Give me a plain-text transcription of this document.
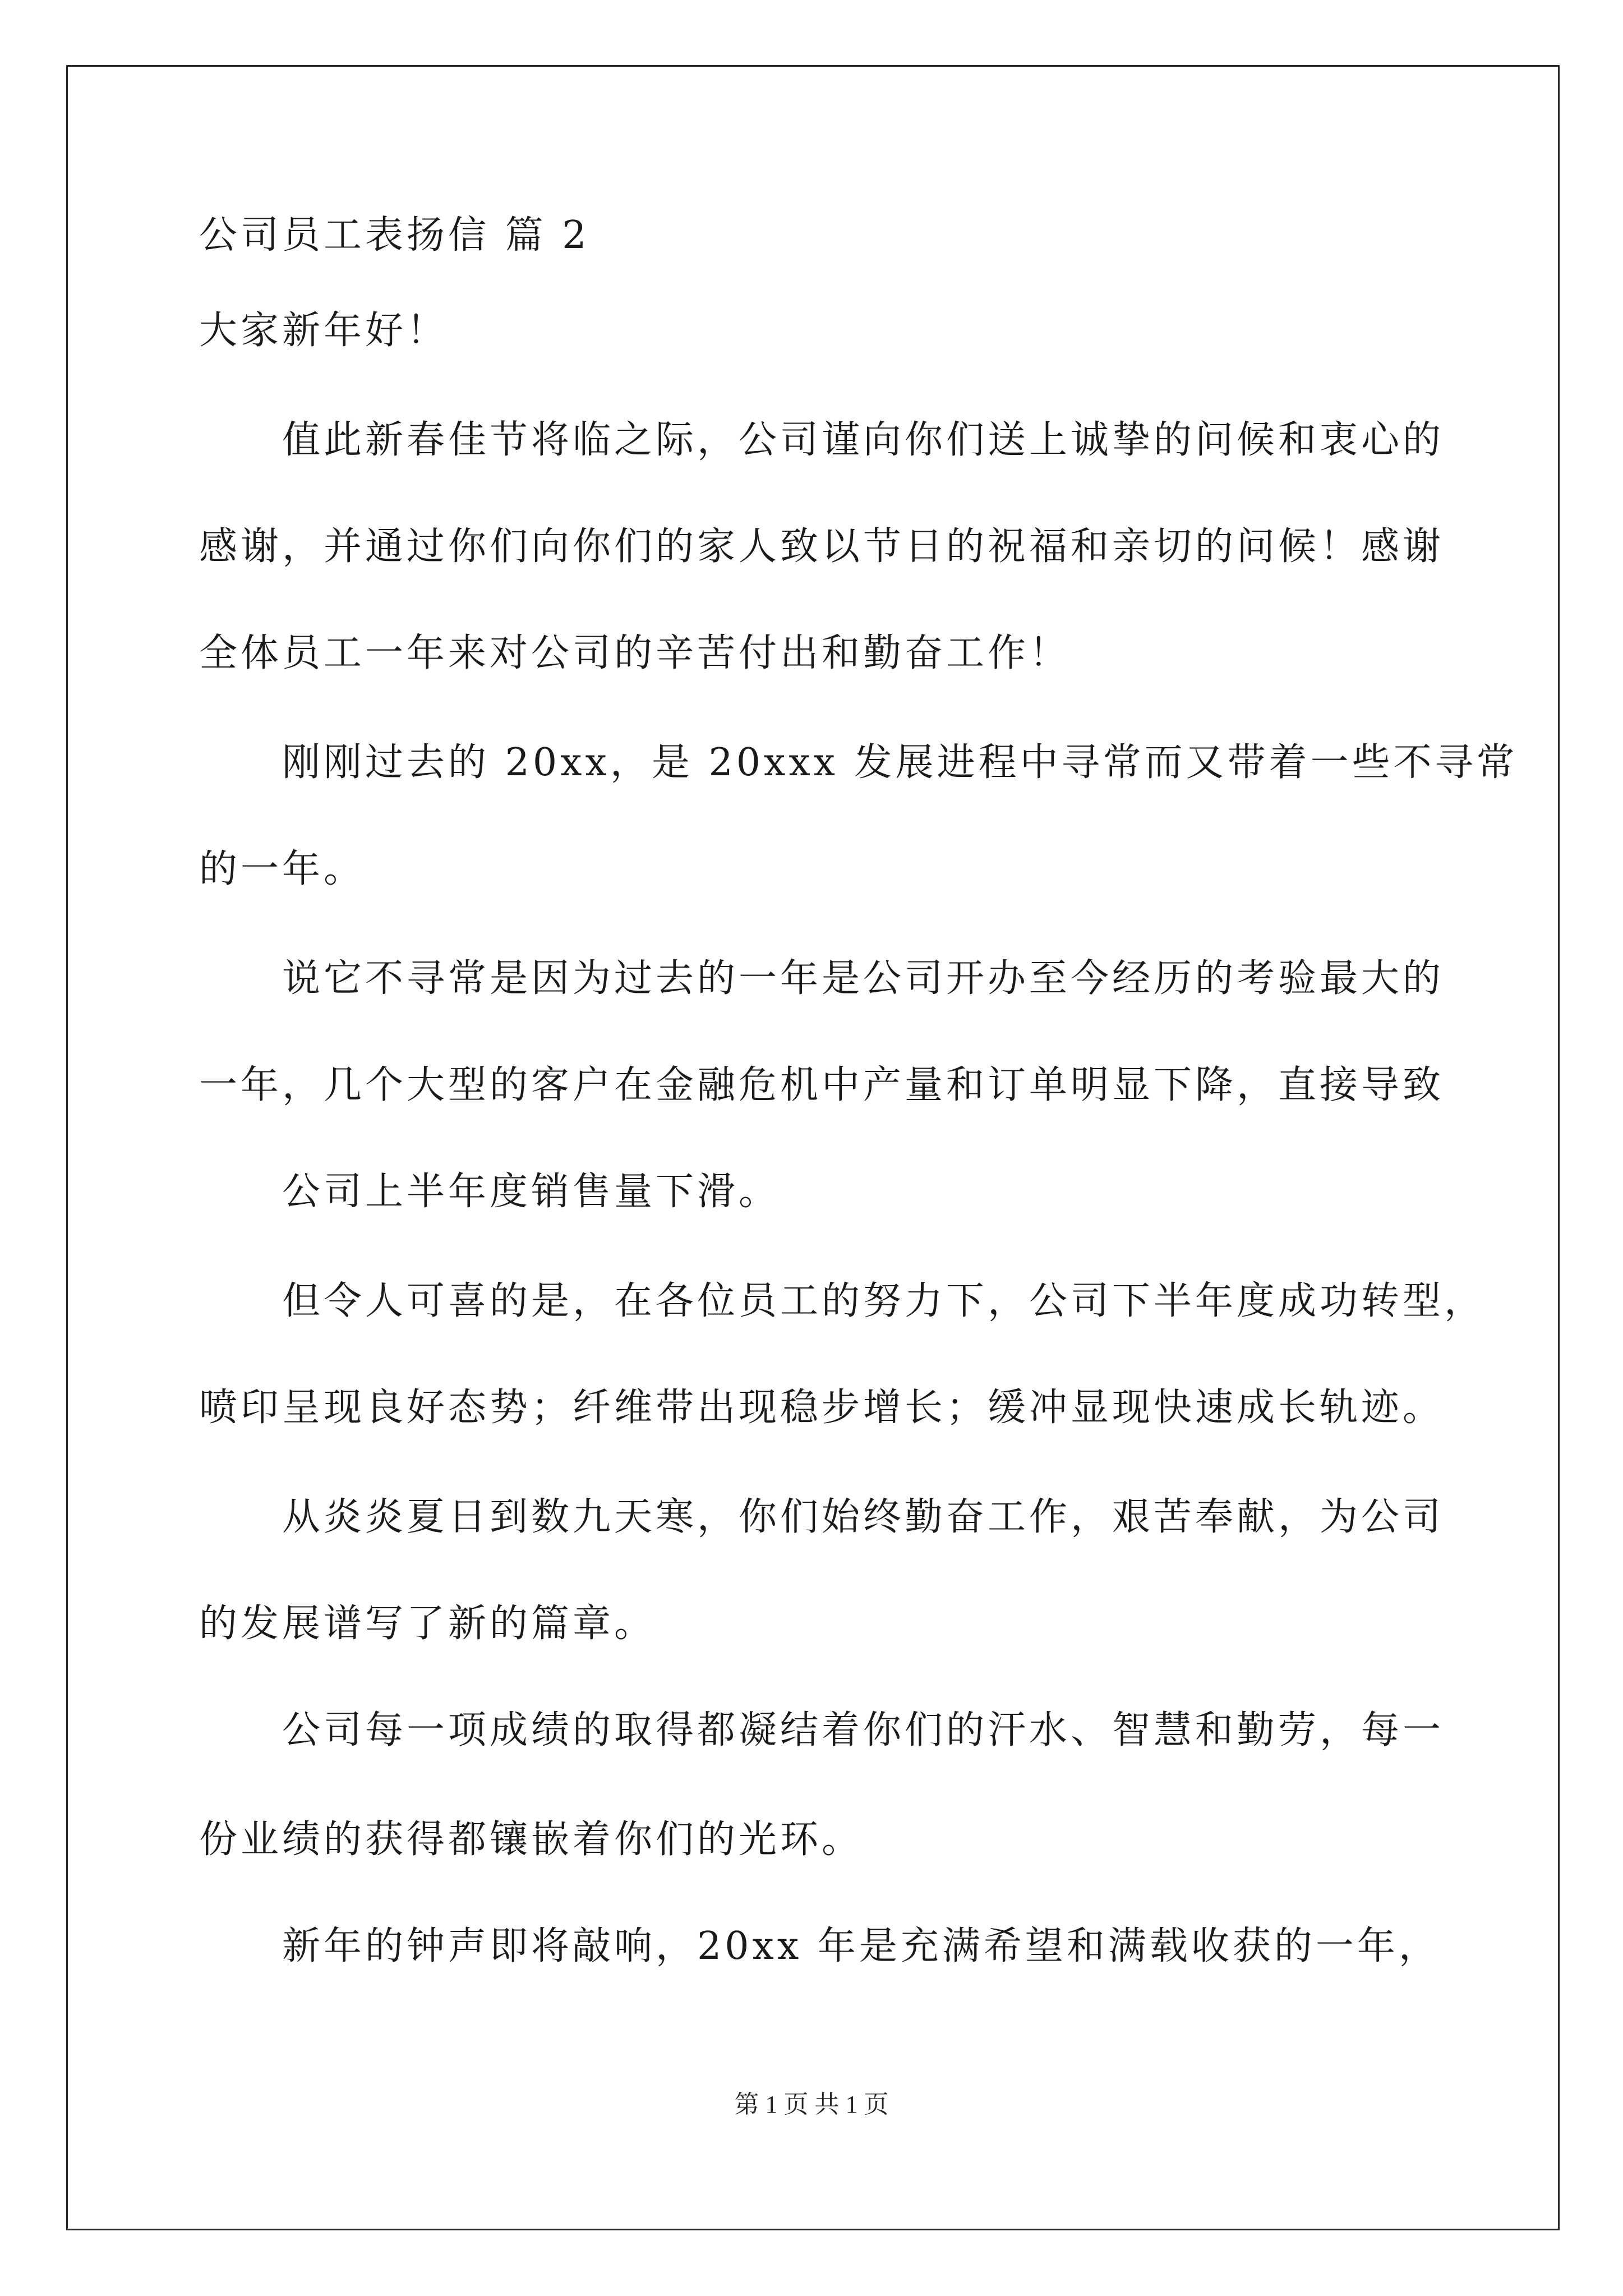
公司员工表扬信 篇 2
大家新年好！
值此新春佳节将临之际，公司谨向你们送上诚挚的问候和衷心的
感谢，并通过你们向你们的家人致以节日的祝福和亲切的问候！感谢
全体员工一年来对公司的辛苦付出和勤奋工作！
刚刚过去的 20xx，是 20xxx 发展进程中寻常而又带着一些不寻常
的一年。
说它不寻常是因为过去的一年是公司开办至今经历的考验最大的
一年，几个大型的客户在金融危机中产量和订单明显下降，直接导致
公司上半年度销售量下滑。
但令人可喜的是，在各位员工的努力下，公司下半年度成功转型，
喷印呈现良好态势；纤维带出现稳步增长；缓冲显现快速成长轨迹。
从炎炎夏日到数九天寒，你们始终勤奋工作，艰苦奉献，为公司
的发展谱写了新的篇章。
公司每一项成绩的取得都凝结着你们的汗水、智慧和勤劳，每一
份业绩的获得都镶嵌着你们的光环。
新年的钟声即将敲响，20xx 年是充满希望和满载收获的一年，
第 1 页 共 1 页
